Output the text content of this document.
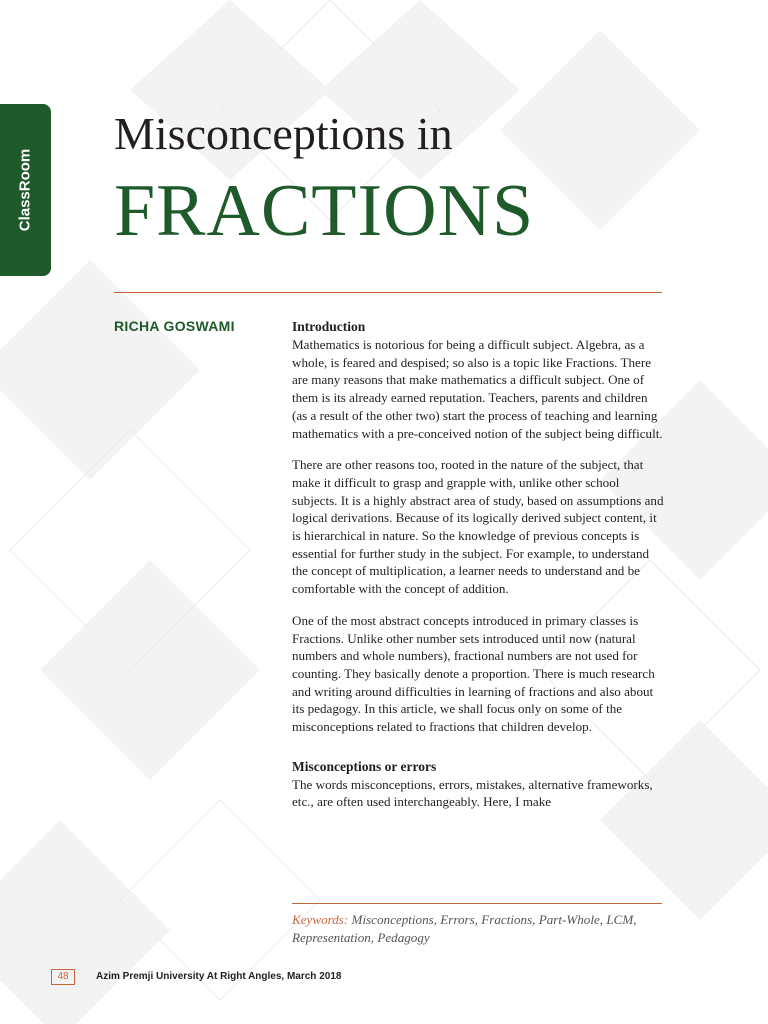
ClassRoom
Misconceptions in
FRACTIONS
RICHA GOSWAMI	Introduction

Mathematics is notorious for being a difficult subject. Algebra, as a whole, is feared and despised; so also is a topic like Fractions. There are many reasons that make mathematics a difficult subject. One of them is its already earned reputation. Teachers, parents and children (as a result of the other two) start the process of teaching and learning mathematics with a pre-conceived notion of the subject being difficult.

There are other reasons too, rooted in the nature of the subject, that make it difficult to grasp and grapple with, unlike other school subjects. It is a highly abstract area of study, based on assumptions and logical derivations. Because of its logically derived subject content, it is hierarchical in nature. So the knowledge of previous concepts is essential for further study in the subject. For example, to understand the concept of multiplication, a learner needs to understand and be comfortable with the concept of addition.

One of the most abstract concepts introduced in primary classes is Fractions. Unlike other number sets introduced until now (natural numbers and whole numbers), fractional numbers are not used for counting. They basically denote a proportion. There is much research and writing around difficulties in learning of fractions and also about its pedagogy. In this article, we shall focus only on some of the misconceptions related to fractions that children develop.

Misconceptions or errors

The words misconceptions, errors, mistakes, alternative frameworks, etc., are often used interchangeably. Here, I make

Keywords: Misconceptions, Errors, Fractions, Part-Whole, LCM, Representation, Pedagogy
48	Azim Premji University At Right Angles, March 2018
